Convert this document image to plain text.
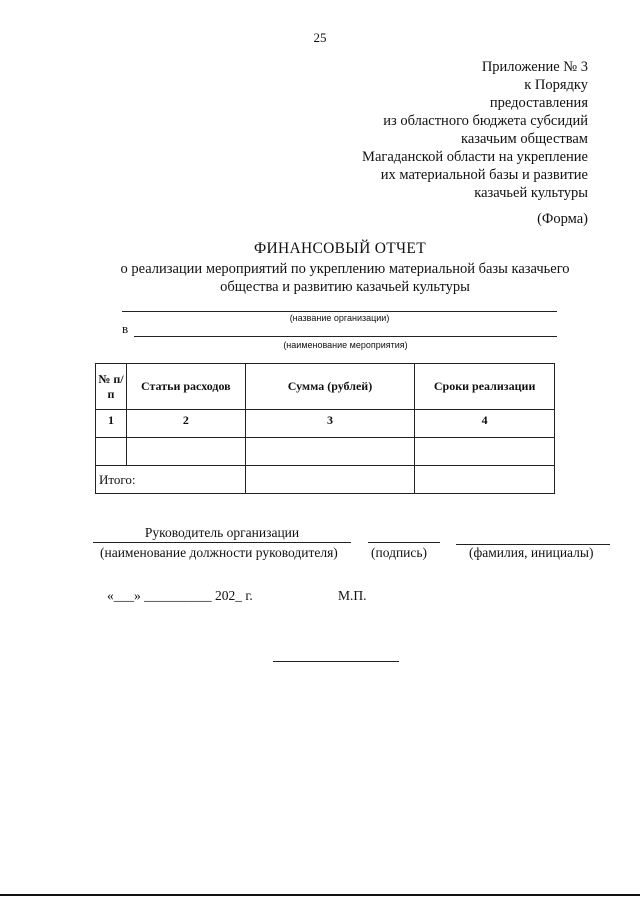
25
Приложение № 3
к Порядку
предоставления
из областного бюджета субсидий
казачьим обществам
Магаданской области на укрепление
их материальной базы и развитие
казачьей культуры
(Форма)
ФИНАНСОВЫЙ ОТЧЕТ
о реализации мероприятий по укреплению материальной базы казачьего
общества и развитию казачьей культуры
(название организации)
в
(наименование мероприятия)
№ п/п	Статьи расходов	Сумма (рублей)	Сроки реализации
1	2	3	4

Итого:			
Руководитель организации
(наименование должности руководителя) (подпись)	(фамилия, инициалы)
«___» __________ 202_ г.	М.П.
